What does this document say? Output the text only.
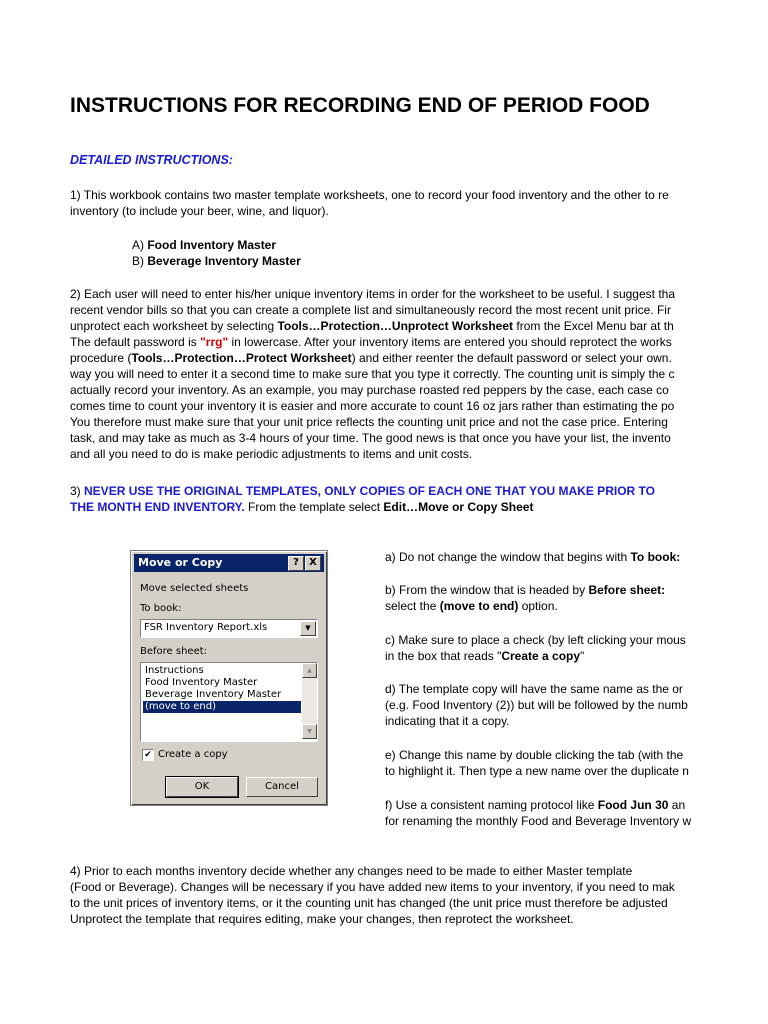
INSTRUCTIONS FOR RECORDING END OF PERIOD FOOD
DETAILED INSTRUCTIONS:
1) This workbook contains two master template worksheets, one to record your food inventory and the other to re
inventory (to include your beer, wine, and liquor).
A) Food Inventory Master
B) Beverage Inventory Master
2) Each user will need to enter his/her unique inventory items in order for the worksheet to be useful. I suggest tha
recent vendor bills so that you can create a complete list and simultaneously record the most recent unit price. Fir
unprotect each worksheet by selecting Tools…Protection…Unprotect Worksheet from the Excel Menu bar at th
The default password is "rrg" in lowercase. After your inventory items are entered you should reprotect the works
procedure (Tools…Protection…Protect Worksheet) and either reenter the default password or select your own.
way you will need to enter it a second time to make sure that you type it correctly. The counting unit is simply the c
actually record your inventory. As an example, you may purchase roasted red peppers by the case, each case co
comes time to count your inventory it is easier and more accurate to count 16 oz jars rather than estimating the po
You therefore must make sure that your unit price reflects the counting unit price and not the case price. Entering
task, and may take as much as 3-4 hours of your time. The good news is that once you have your list, the invento
and all you need to do is make periodic adjustments to items and unit costs.
3) NEVER USE THE ORIGINAL TEMPLATES, ONLY COPIES OF EACH ONE THAT YOU MAKE PRIOR TO
THE MONTH END INVENTORY. From the template select Edit…Move or Copy Sheet
Move or Copy	?	X
Move selected sheets
To book:
FSR Inventory Report.xls	▼
Before sheet:
Instructions
Food Inventory Master
Beverage Inventory Master
(move to end)
▲
▼
✔ Create a copy
OK	Cancel
a) Do not change the window that begins with To book:
b) From the window that is headed by Before sheet:
select the (move to end) option.
c) Make sure to place a check (by left clicking your mous
in the box that reads "Create a copy"
d) The template copy will have the same name as the or
(e.g. Food Inventory (2)) but will be followed by the numb
indicating that it a copy.
e) Change this name by double clicking the tab (with the
to highlight it. Then type a new name over the duplicate n
f) Use a consistent naming protocol like Food Jun 30 an
for renaming the monthly Food and Beverage Inventory w
4) Prior to each months inventory decide whether any changes need to be made to either Master template
(Food or Beverage). Changes will be necessary if you have added new items to your inventory, if you need to mak
to the unit prices of inventory items, or it the counting unit has changed (the unit price must therefore be adjusted
Unprotect the template that requires editing, make your changes, then reprotect the worksheet.
